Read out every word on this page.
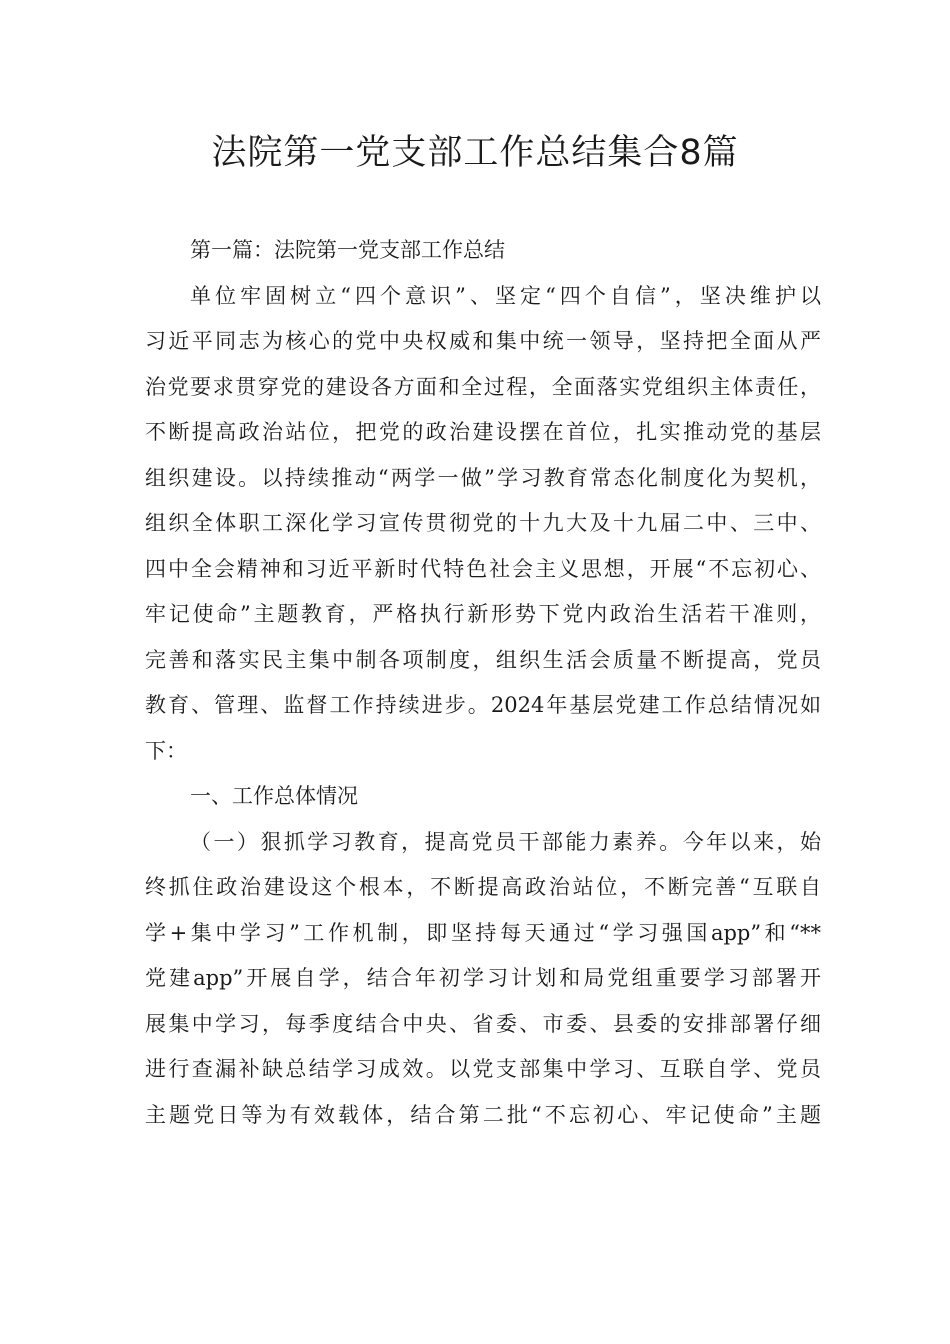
法院第一党支部工作总结集合8篇
第一篇：法院第一党支部工作总结
单位牢固树立“四个意识”、坚定“四个自信”，坚决维护以
习近平同志为核心的党中央权威和集中统一领导，坚持把全面从严
治党要求贯穿党的建设各方面和全过程，全面落实党组织主体责任，
不断提高政治站位，把党的政治建设摆在首位，扎实推动党的基层
组织建设。以持续推动“两学一做”学习教育常态化制度化为契机，
组织全体职工深化学习宣传贯彻党的十九大及十九届二中、三中、
四中全会精神和习近平新时代特色社会主义思想，开展“不忘初心、
牢记使命”主题教育，严格执行新形势下党内政治生活若干准则，
完善和落实民主集中制各项制度，组织生活会质量不断提高，党员
教育、管理、监督工作持续进步。2024年基层党建工作总结情况如
下：
一、工作总体情况
（一）狠抓学习教育，提高党员干部能力素养。今年以来，始
终抓住政治建设这个根本，不断提高政治站位，不断完善“互联自
学+集中学习”工作机制，即坚持每天通过“学习强国app”和“**
党建app”开展自学，结合年初学习计划和局党组重要学习部署开
展集中学习，每季度结合中央、省委、市委、县委的安排部署仔细
进行查漏补缺总结学习成效。以党支部集中学习、互联自学、党员
主题党日等为有效载体，结合第二批“不忘初心、牢记使命”主题
